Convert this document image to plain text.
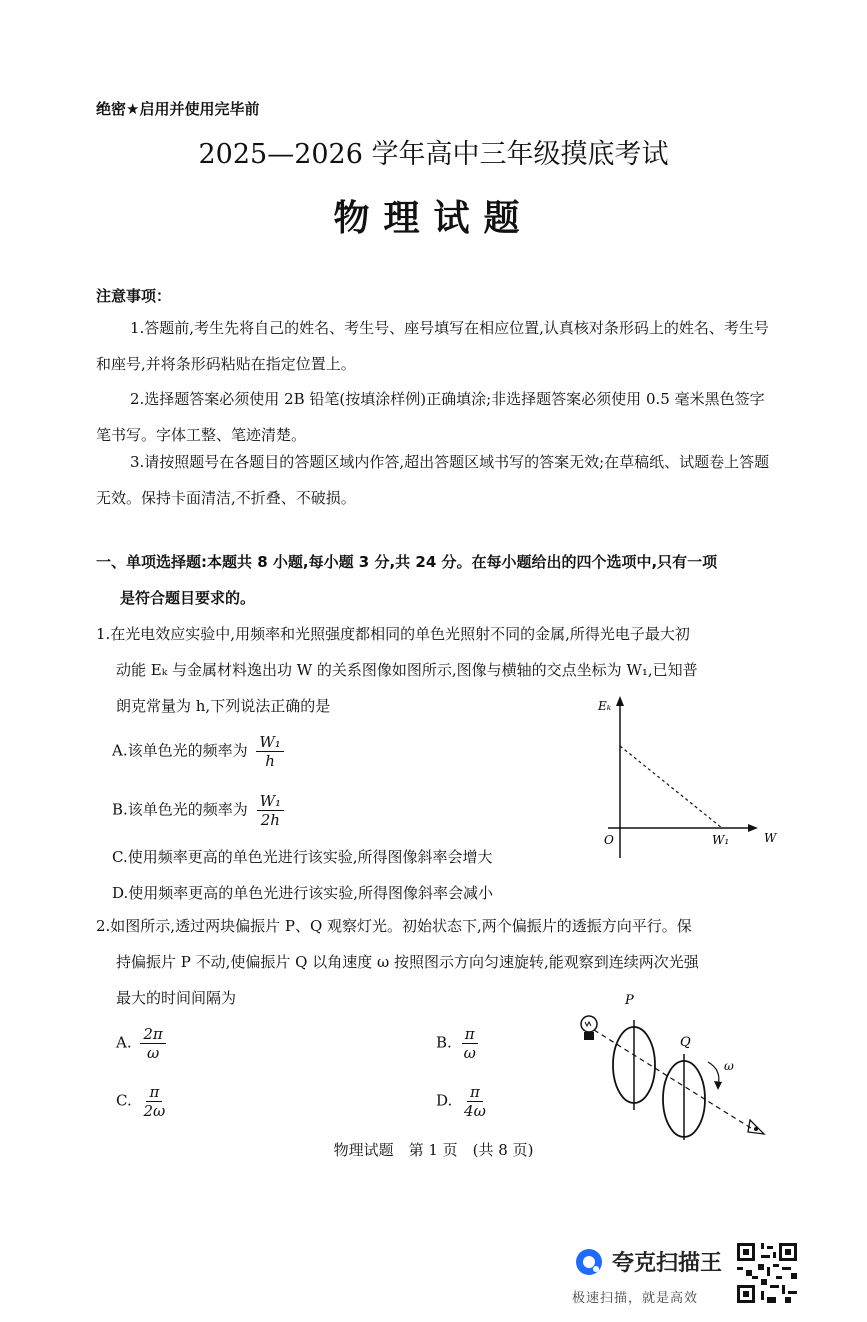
绝密★启用并使用完毕前
2025—2026 学年高中三年级摸底考试
物理试题
注意事项：
1.答题前,考生先将自己的姓名、考生号、座号填写在相应位置,认真核对条形码上的姓名、考生号和座号,并将条形码粘贴在指定位置上。
2.选择题答案必须使用 2B 铅笔(按填涂样例)正确填涂;非选择题答案必须使用 0.5 毫米黑色签字笔书写。字体工整、笔迹清楚。
3.请按照题号在各题目的答题区域内作答,超出答题区域书写的答案无效;在草稿纸、试题卷上答题无效。保持卡面清洁,不折叠、不破损。
一、单项选择题:本题共 8 小题,每小题 3 分,共 24 分。在每小题给出的四个选项中,只有一项
是符合题目要求的。
1.在光电效应实验中,用频率和光照强度都相同的单色光照射不同的金属,所得光电子最大初
动能 Eₖ 与金属材料逸出功 W 的关系图像如图所示,图像与横轴的交点坐标为 W₁,已知普
朗克常量为 h,下列说法正确的是
A.该单色光的频率为 $\frac{\text{W₁}}{h}$
B.该单色光的频率为 $\frac{\text{W₁}}{2h}$
C.使用频率更高的单色光进行该实验,所得图像斜率会增大
D.使用频率更高的单色光进行该实验,所得图像斜率会减小
Eₖ
W
O	W₁
2.如图所示,透过两块偏振片 P、Q 观察灯光。初始状态下,两个偏振片的透振方向平行。保
持偏振片 P 不动,使偏振片 Q 以角速度 ω 按照图示方向匀速旋转,能观察到连续两次光强
最大的时间间隔为
A. $\frac{2\pi}{\omega}$	B. $\frac{\pi}{\omega}$
C. $\frac{\pi}{2\omega}$	D. $\frac{\pi}{4\omega}$
P
Q
ω
物理试题　第 1 页　(共 8 页)
夸克扫描王
极速扫描，就是高效
